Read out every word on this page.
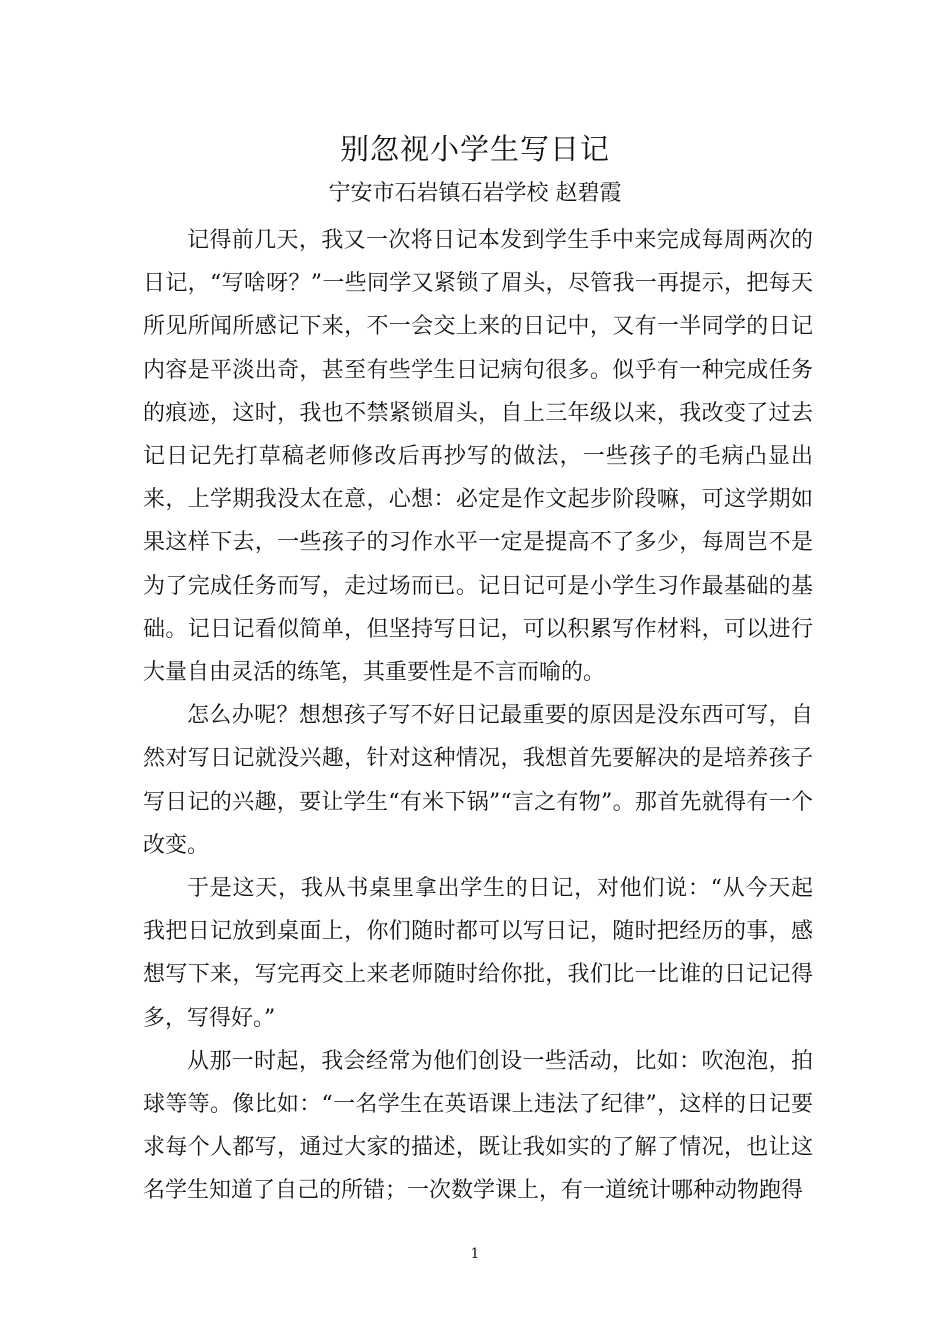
别忽视小学生写日记
宁安市石岩镇石岩学校 赵碧霞

记得前几天，我又一次将日记本发到学生手中来完成每周两次的日记，“写啥呀？”一些同学又紧锁了眉头，尽管我一再提示，把每天所见所闻所感记下来，不一会交上来的日记中，又有一半同学的日记内容是平淡出奇，甚至有些学生日记病句很多。似乎有一种完成任务的痕迹，这时，我也不禁紧锁眉头，自上三年级以来，我改变了过去记日记先打草稿老师修改后再抄写的做法，一些孩子的毛病凸显出来，上学期我没太在意，心想：必定是作文起步阶段嘛，可这学期如果这样下去，一些孩子的习作水平一定是提高不了多少，每周岂不是为了完成任务而写，走过场而已。记日记可是小学生习作最基础的基础。记日记看似简单，但坚持写日记，可以积累写作材料，可以进行大量自由灵活的练笔，其重要性是不言而喻的。

怎么办呢？想想孩子写不好日记最重要的原因是没东西可写，自然对写日记就没兴趣，针对这种情况，我想首先要解决的是培养孩子写日记的兴趣，要让学生“有米下锅”“言之有物”。那首先就得有一个改变。

于是这天，我从书桌里拿出学生的日记，对他们说：“从今天起我把日记放到桌面上，你们随时都可以写日记，随时把经历的事，感想写下来，写完再交上来老师随时给你批，我们比一比谁的日记记得多，写得好。”

从那一时起，我会经常为他们创设一些活动，比如：吹泡泡，拍球等等。像比如：“一名学生在英语课上违法了纪律”，这样的日记要求每个人都写，通过大家的描述，既让我如实的了解了情况，也让这名学生知道了自己的所错；一次数学课上，有一道统计哪种动物跑得

1
